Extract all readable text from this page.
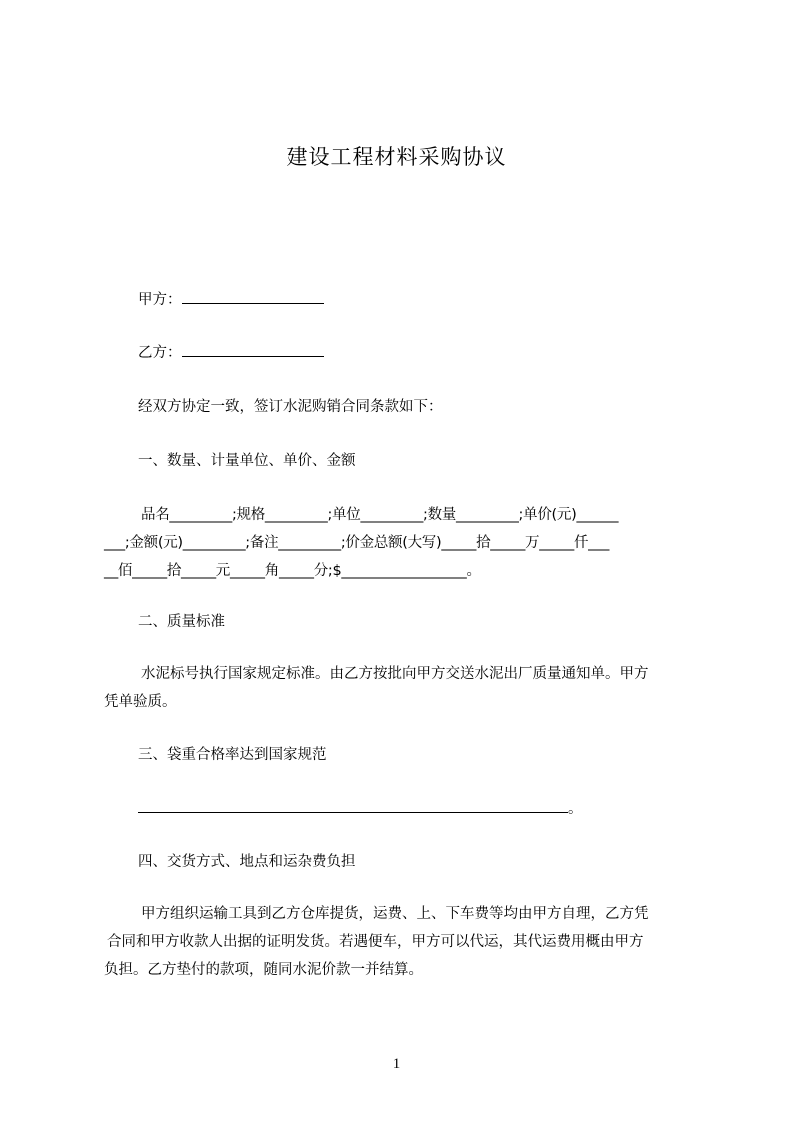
建设工程材料采购协议
甲方：
乙方：
经双方协定一致，签订水泥购销合同条款如下：
一、数量、计量单位、单价、金额
品名_________;规格_________;单位_________;数量_________;单价(元)______
___;金额(元)_________;备注_________;价金总额(大写)_____拾_____万_____仟___
__佰_____拾_____元_____角_____分;$__________________。
二、质量标准
水泥标号执行国家规定标准。由乙方按批向甲方交送水泥出厂质量通知单。甲方
凭单验质。
三、袋重合格率达到国家规范
。
四、交货方式、地点和运杂费负担
甲方组织运输工具到乙方仓库提货，运费、上、下车费等均由甲方自理，乙方凭
合同和甲方收款人出据的证明发货。若遇便车，甲方可以代运，其代运费用概由甲方
负担。乙方垫付的款项，随同水泥价款一并结算。
1
